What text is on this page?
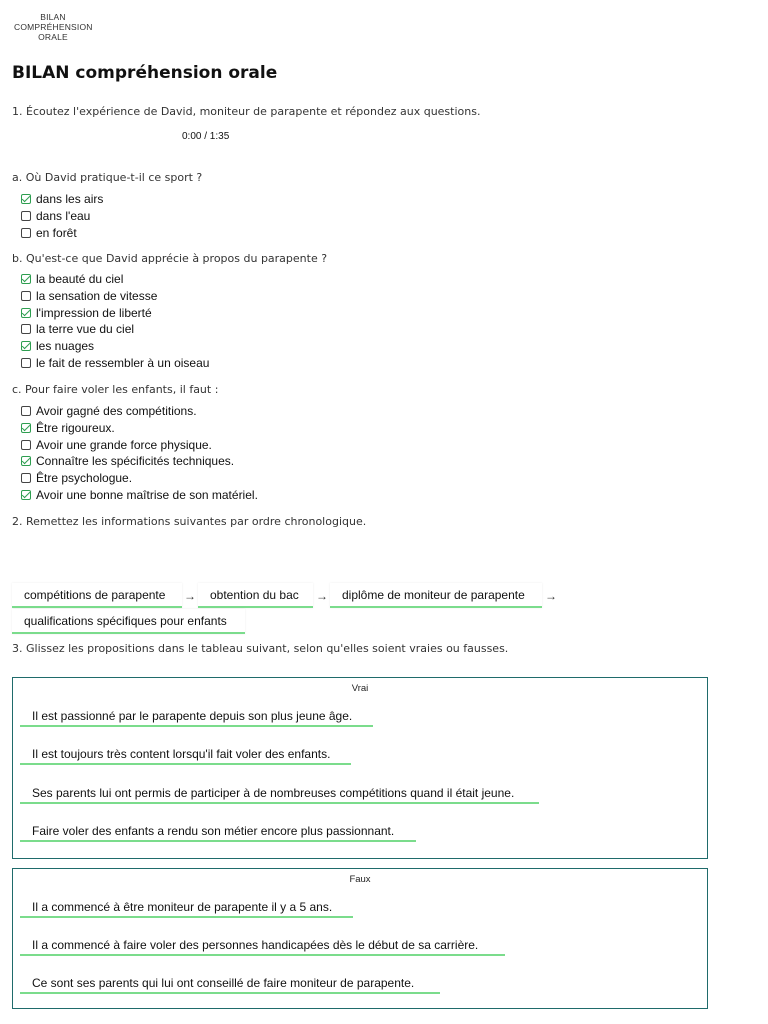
BILAN
COMPRÉHENSION
ORALE
BILAN compréhension orale

1. Écoutez l'expérience de David, moniteur de parapente et répondez aux questions.

0:00 / 1:35
a. Où David pratique-t-il ce sport ?
dans les airs
dans l'eau
en forêt
b. Qu'est-ce que David apprécie à propos du parapente ?
la beauté du ciel
la sensation de vitesse
l'impression de liberté
la terre vue du ciel
les nuages
le fait de ressembler à un oiseau
c. Pour faire voler les enfants, il faut :
Avoir gagné des compétitions.
Être rigoureux.
Avoir une grande force physique.
Connaître les spécificités techniques.
Être psychologue.
Avoir une bonne maîtrise de son matériel.

2. Remettez les informations suivantes par ordre chronologique.

compétitions de parapente	→	obtention du bac	→	diplôme de moniteur de parapente	→
qualifications spécifiques pour enfants

3. Glissez les propositions dans le tableau suivant, selon qu'elles soient vraies ou fausses.

Vrai
Il est passionné par le parapente depuis son plus jeune âge.
Il est toujours très content lorsqu'il fait voler des enfants.
Ses parents lui ont permis de participer à de nombreuses compétitions quand il était jeune.
Faire voler des enfants a rendu son métier encore plus passionnant.
Faux
Il a commencé à être moniteur de parapente il y a 5 ans.
Il a commencé à faire voler des personnes handicapées dès le début de sa carrière.
Ce sont ses parents qui lui ont conseillé de faire moniteur de parapente.
